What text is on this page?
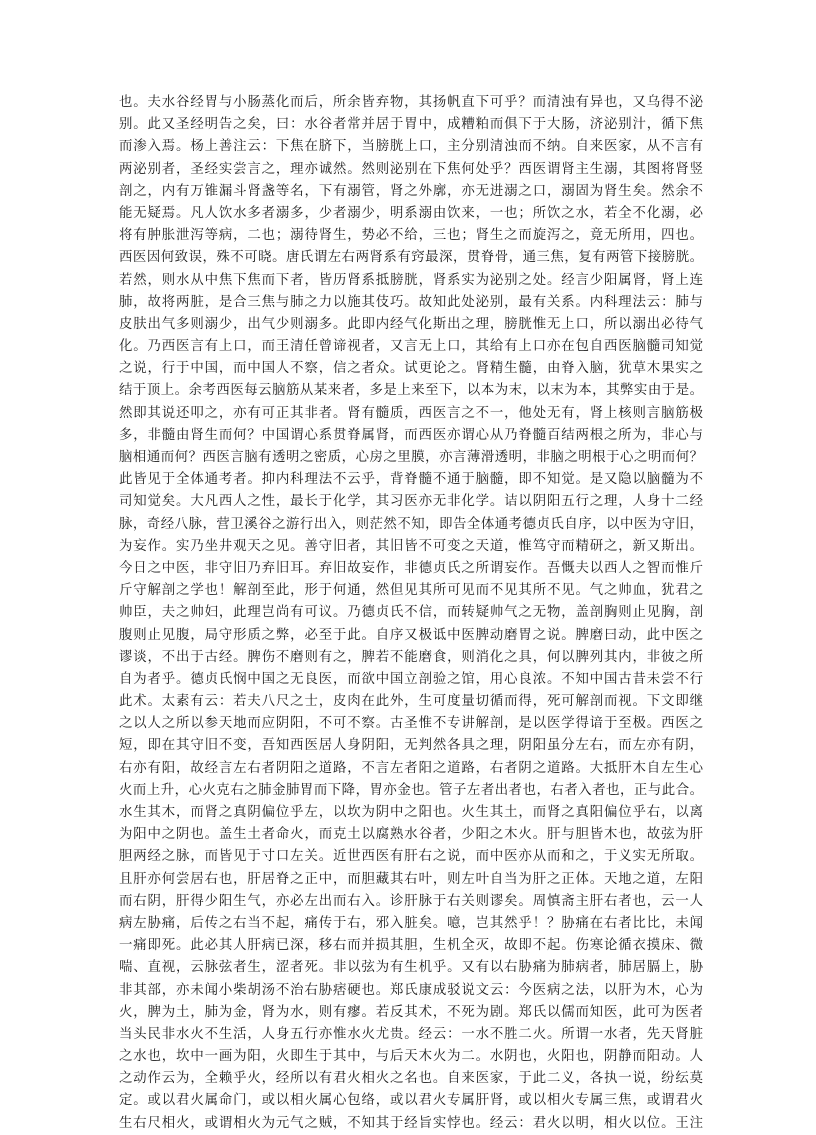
也。夫水谷经胃与小肠蒸化而后，所余皆弃物，其扬帆直下可乎？而清浊有异也，又乌得不泌
别。此又圣经明告之矣，曰：水谷者常并居于胃中，成糟粕而俱下于大肠，济泌别汁，循下焦
而渗入焉。杨上善注云：下焦在脐下，当膀胱上口，主分别清浊而不纳。自来医家，从不言有
两泌别者，圣经实尝言之，理亦诚然。然则泌别在下焦何处乎？西医谓肾主生溺，其图将肾竖
剖之，内有万锥漏斗肾盏等名，下有溺管，肾之外廓，亦无进溺之口，溺固为肾生矣。然余不
能无疑焉。凡人饮水多者溺多，少者溺少，明系溺由饮来，一也；所饮之水，若全不化溺，必
将有肿胀泄泻等病，二也；溺待肾生，势必不给，三也；肾生之而旋泻之，竟无所用，四也。
西医因何致误，殊不可晓。唐氏谓左右两肾系有窍最深，贯脊骨，通三焦，复有两管下接膀胱。
若然，则水从中焦下焦而下者，皆历肾系抵膀胱，肾系实为泌别之处。经言少阳属肾，肾上连
肺，故将两脏，是合三焦与肺之力以施其伎巧。故知此处泌别，最有关系。内科理法云：肺与
皮肤出气多则溺少，出气少则溺多。此即内经气化斯出之理，膀胱惟无上口，所以溺出必待气
化。乃西医言有上口，而王清任曾谛视者，又言无上口，其给有上口亦在包自西医脑髓司知觉
之说，行于中国，而中国人不察，信之者众。试更论之。肾精生髓，由脊入脑，犹草木果实之
结于顶上。余考西医每云脑筋从某来者，多是上来至下，以本为末，以末为本，其弊实由于是。
然即其说还叩之，亦有可正其非者。肾有髓质，西医言之不一，他处无有，肾上核则言脑筋极
多，非髓由肾生而何？中国谓心系贯脊属肾，而西医亦谓心从乃脊髓百结两根之所为，非心与
脑相通而何？西医言脑有透明之密质，心房之里膜，亦言薄滑透明，非脑之明根于心之明而何？
此皆见于全体通考者。抑内科理法不云乎，背脊髓不通于脑髓，即不知觉。是又隐以脑髓为不
司知觉矣。大凡西人之性，最长于化学，其习医亦无非化学。诘以阴阳五行之理，人身十二经
脉，奇经八脉，营卫溪谷之游行出入，则茫然不知，即告全体通考德贞氏自序，以中医为守旧，
为妄作。实乃坐井观天之见。善守旧者，其旧皆不可变之天道，惟笃守而精研之，新又斯出。
今日之中医，非守旧乃弃旧耳。弃旧故妄作，非德贞氏之所谓妄作。吾慨夫以西人之智而惟斤
斤守解剖之学也！解剖至此，形于何通，然但见其所可见而不见其所不见。气之帅血，犹君之
帅臣，夫之帅妇，此理岂尚有可议。乃德贞氏不信，而转疑帅气之无物，盖剖胸则止见胸，剖
腹则止见腹，局守形质之弊，必至于此。自序又极诋中医脾动磨胃之说。脾磨曰动，此中医之
谬谈，不出于古经。脾伤不磨则有之，脾若不能磨食，则消化之具，何以脾列其内，非彼之所
自为者乎。德贞氏悯中国之无良医，而欲中国立剖验之馆，用心良浓。不知中国古昔未尝不行
此术。太素有云：若夫八尺之士，皮肉在此外，生可度量切循而得，死可解剖而视。下文即继
之以人之所以参天地而应阴阳，不可不察。古圣惟不专讲解剖，是以医学得谙于至极。西医之
短，即在其守旧不变，吾知西医居人身阴阳，无判然各具之理，阴阳虽分左右，而左亦有阴，
右亦有阳，故经言左右者阴阳之道路，不言左者阳之道路，右者阴之道路。大抵肝木自左生心
火而上升，心火克右之肺金肺胃而下降，胃亦金也。管子左者出者也，右者入者也，正与此合。
水生其木，而肾之真阴偏位乎左，以坎为阴中之阳也。火生其土，而肾之真阳偏位乎右，以离
为阳中之阴也。盖生土者命火，而克土以腐熟水谷者，少阳之木火。肝与胆皆木也，故弦为肝
胆两经之脉，而皆见于寸口左关。近世西医有肝右之说，而中医亦从而和之，于义实无所取。
且肝亦何尝居右也，肝居脊之正中，而胆藏其右叶，则左叶自当为肝之正体。天地之道，左阳
而右阴，肝得少阳生气，亦必左出而右入。诊肝脉于右关则谬矣。周慎斋主肝右者也，云一人
病左胁痛，后传之右当不起，痛传于右，邪入脏矣。噫，岂其然乎！？胁痛在右者比比，未闻
一痛即死。此必其人肝病已深，移右而并损其胆，生机全灭，故即不起。伤寒论循衣摸床、微
喘、直视，云脉弦者生，涩者死。非以弦为有生机乎。又有以右胁痛为肺病者，肺居膈上，胁
非其部，亦未闻小柴胡汤不治右胁痞硬也。郑氏康成驳说文云：今医病之法，以肝为木，心为
火，脾为土，肺为金，肾为水，则有瘳。若反其术，不死为剧。郑氏以儒而知医，此可为医者
当头民非水火不生活，人身五行亦惟水火尤贵。经云：一水不胜二火。所谓一水者，先天肾脏
之水也，坎中一画为阳，火即生于其中，与后天木火为二。水阴也，火阳也，阴静而阳动。人
之动作云为，全赖乎火，经所以有君火相火之名也。自来医家，于此二义，各执一说，纷纭莫
定。或以君火属命门，或以相火属心包络，或以君火专属肝肾，或以相火专属三焦，或谓君火
生右尺相火，或谓相火为元气之贼，不知其于经旨实悖也。经云：君火以明，相火以位。王注
